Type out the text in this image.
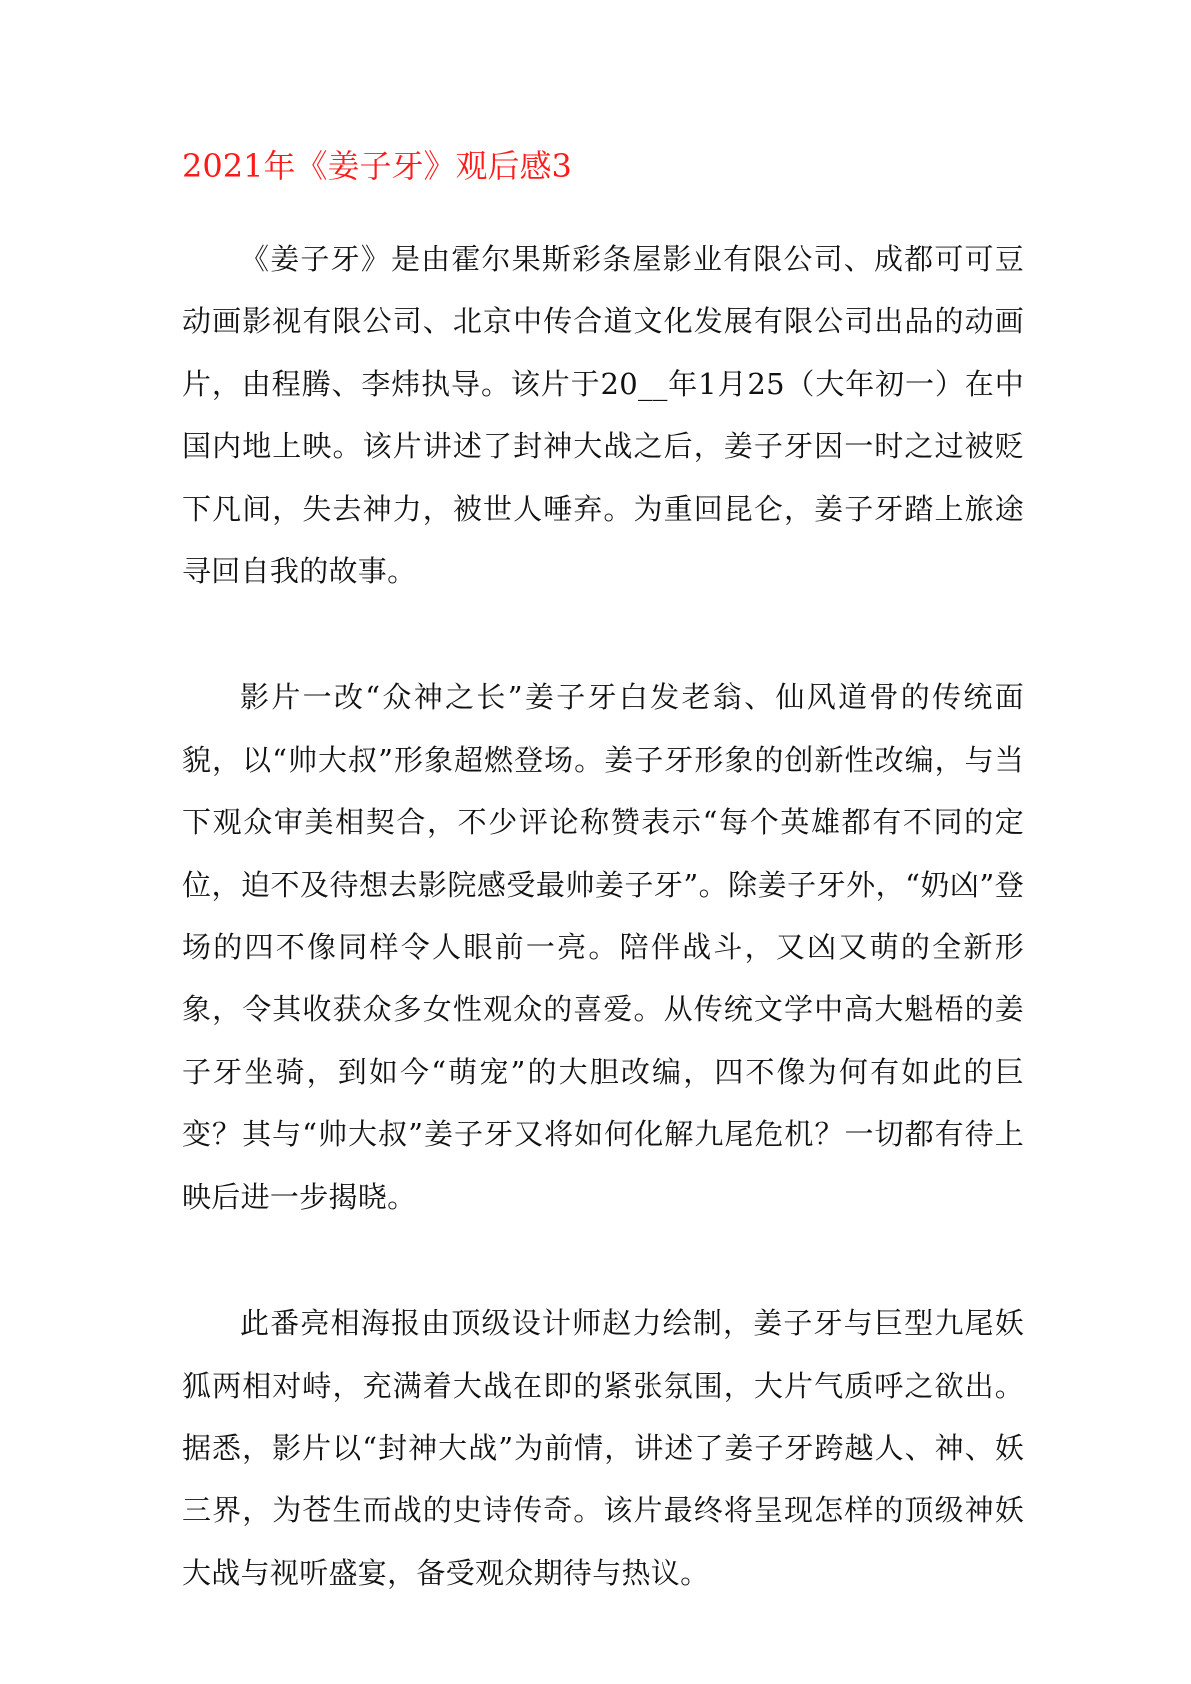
2021年《姜子牙》观后感3

《姜子牙》是由霍尔果斯彩条屋影业有限公司、成都可可豆动画影视有限公司、北京中传合道文化发展有限公司出品的动画片，由程腾、李炜执导。该片于20__年1月25（大年初一）在中国内地上映。该片讲述了封神大战之后，姜子牙因一时之过被贬下凡间，失去神力，被世人唾弃。为重回昆仑，姜子牙踏上旅途寻回自我的故事。

影片一改“众神之长”姜子牙白发老翁、仙风道骨的传统面貌，以“帅大叔”形象超燃登场。姜子牙形象的创新性改编，与当下观众审美相契合，不少评论称赞表示“每个英雄都有不同的定位，迫不及待想去影院感受最帅姜子牙”。除姜子牙外，“奶凶”登场的四不像同样令人眼前一亮。陪伴战斗，又凶又萌的全新形象，令其收获众多女性观众的喜爱。从传统文学中高大魁梧的姜子牙坐骑，到如今“萌宠”的大胆改编，四不像为何有如此的巨变？其与“帅大叔”姜子牙又将如何化解九尾危机？一切都有待上映后进一步揭晓。

此番亮相海报由顶级设计师赵力绘制，姜子牙与巨型九尾妖狐两相对峙，充满着大战在即的紧张氛围，大片气质呼之欲出。据悉，影片以“封神大战”为前情，讲述了姜子牙跨越人、神、妖三界，为苍生而战的史诗传奇。该片最终将呈现怎样的顶级神妖大战与视听盛宴，备受观众期待与热议。
